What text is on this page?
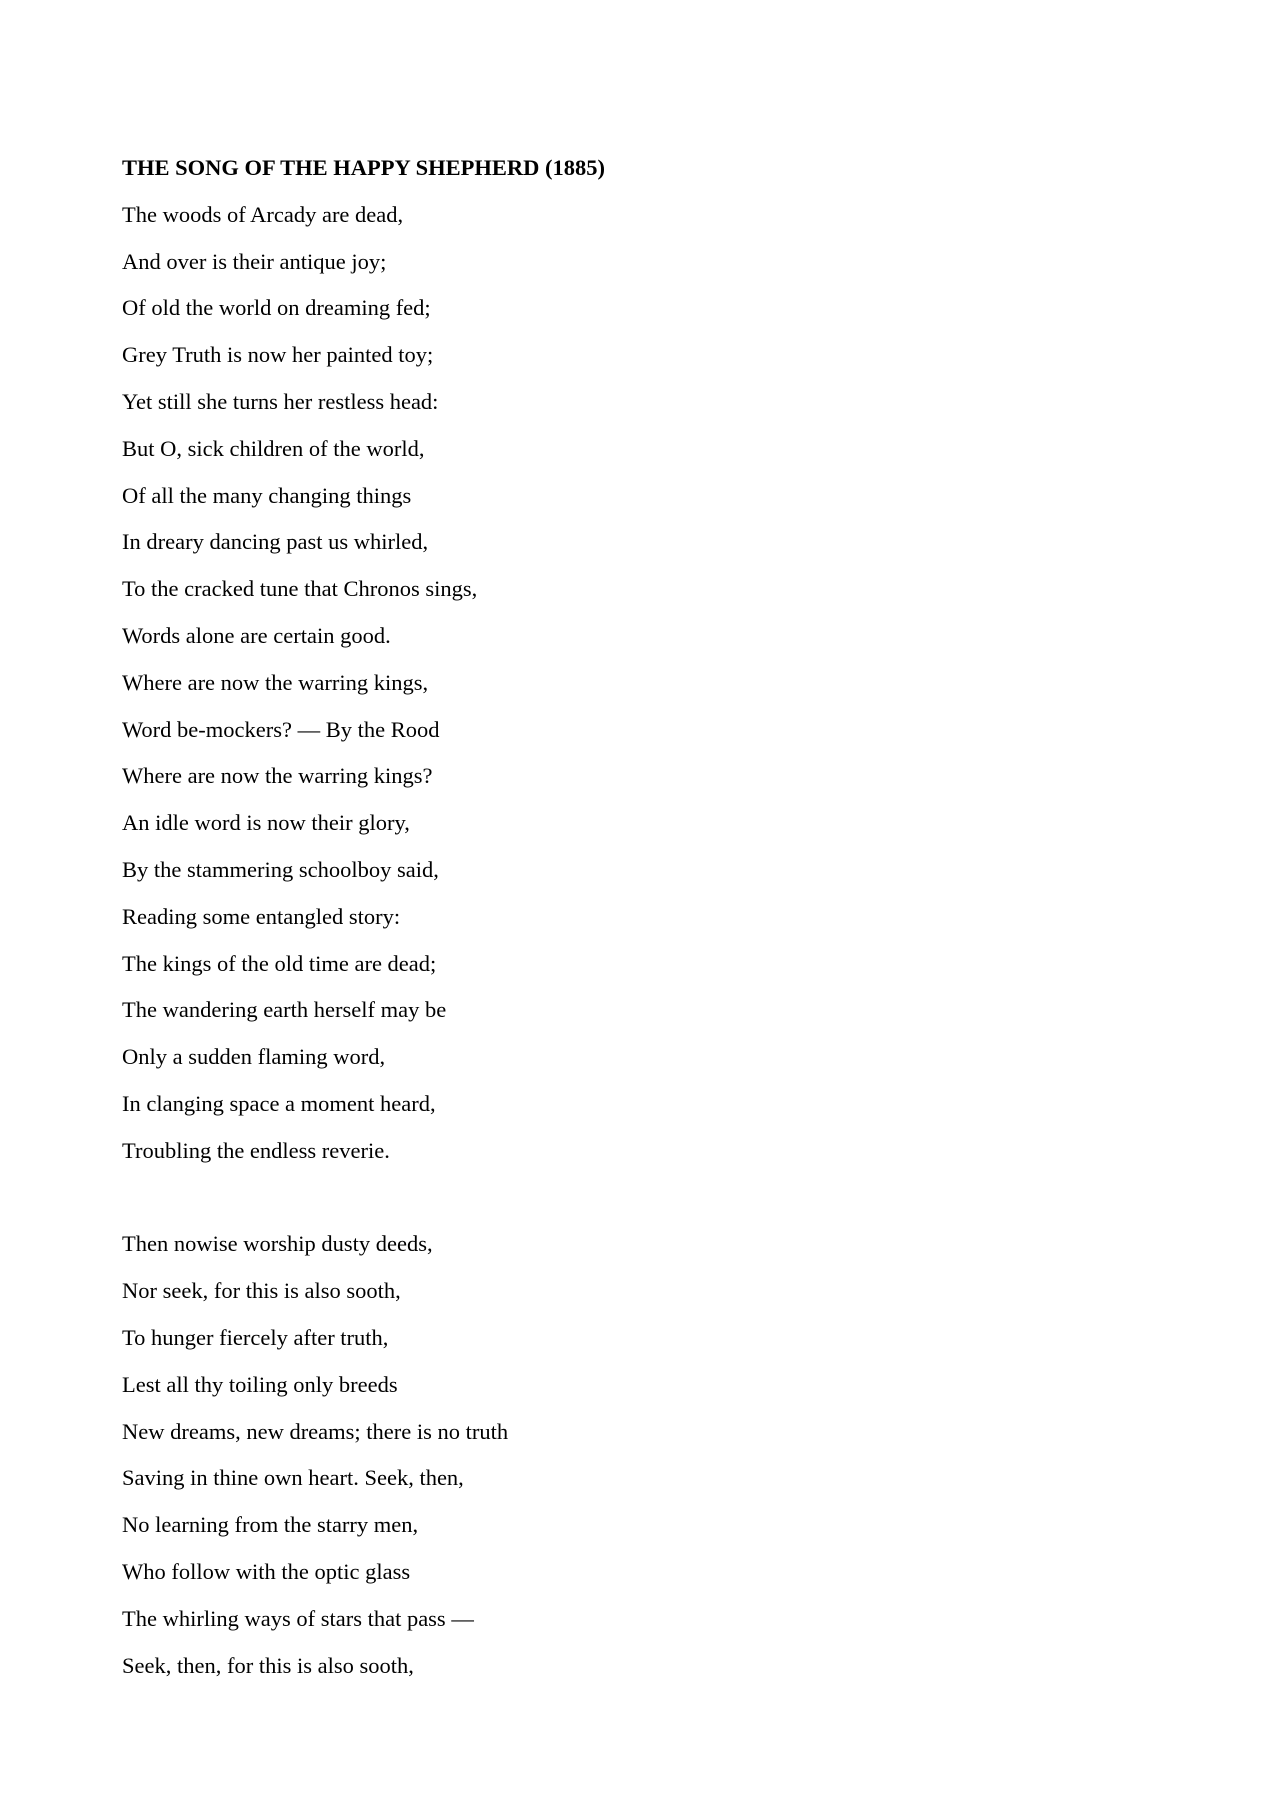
THE SONG OF THE HAPPY SHEPHERD (1885)
The woods of Arcady are dead,
And over is their antique joy;
Of old the world on dreaming fed;
Grey Truth is now her painted toy;
Yet still she turns her restless head:
But O, sick children of the world,
Of all the many changing things
In dreary dancing past us whirled,
To the cracked tune that Chronos sings,
Words alone are certain good.
Where are now the warring kings,
Word be-mockers? — By the Rood
Where are now the warring kings?
An idle word is now their glory,
By the stammering schoolboy said,
Reading some entangled story:
The kings of the old time are dead;
The wandering earth herself may be
Only a sudden flaming word,
In clanging space a moment heard,
Troubling the endless reverie.
Then nowise worship dusty deeds,
Nor seek, for this is also sooth,
To hunger fiercely after truth,
Lest all thy toiling only breeds
New dreams, new dreams; there is no truth
Saving in thine own heart. Seek, then,
No learning from the starry men,
Who follow with the optic glass
The whirling ways of stars that pass —
Seek, then, for this is also sooth,
